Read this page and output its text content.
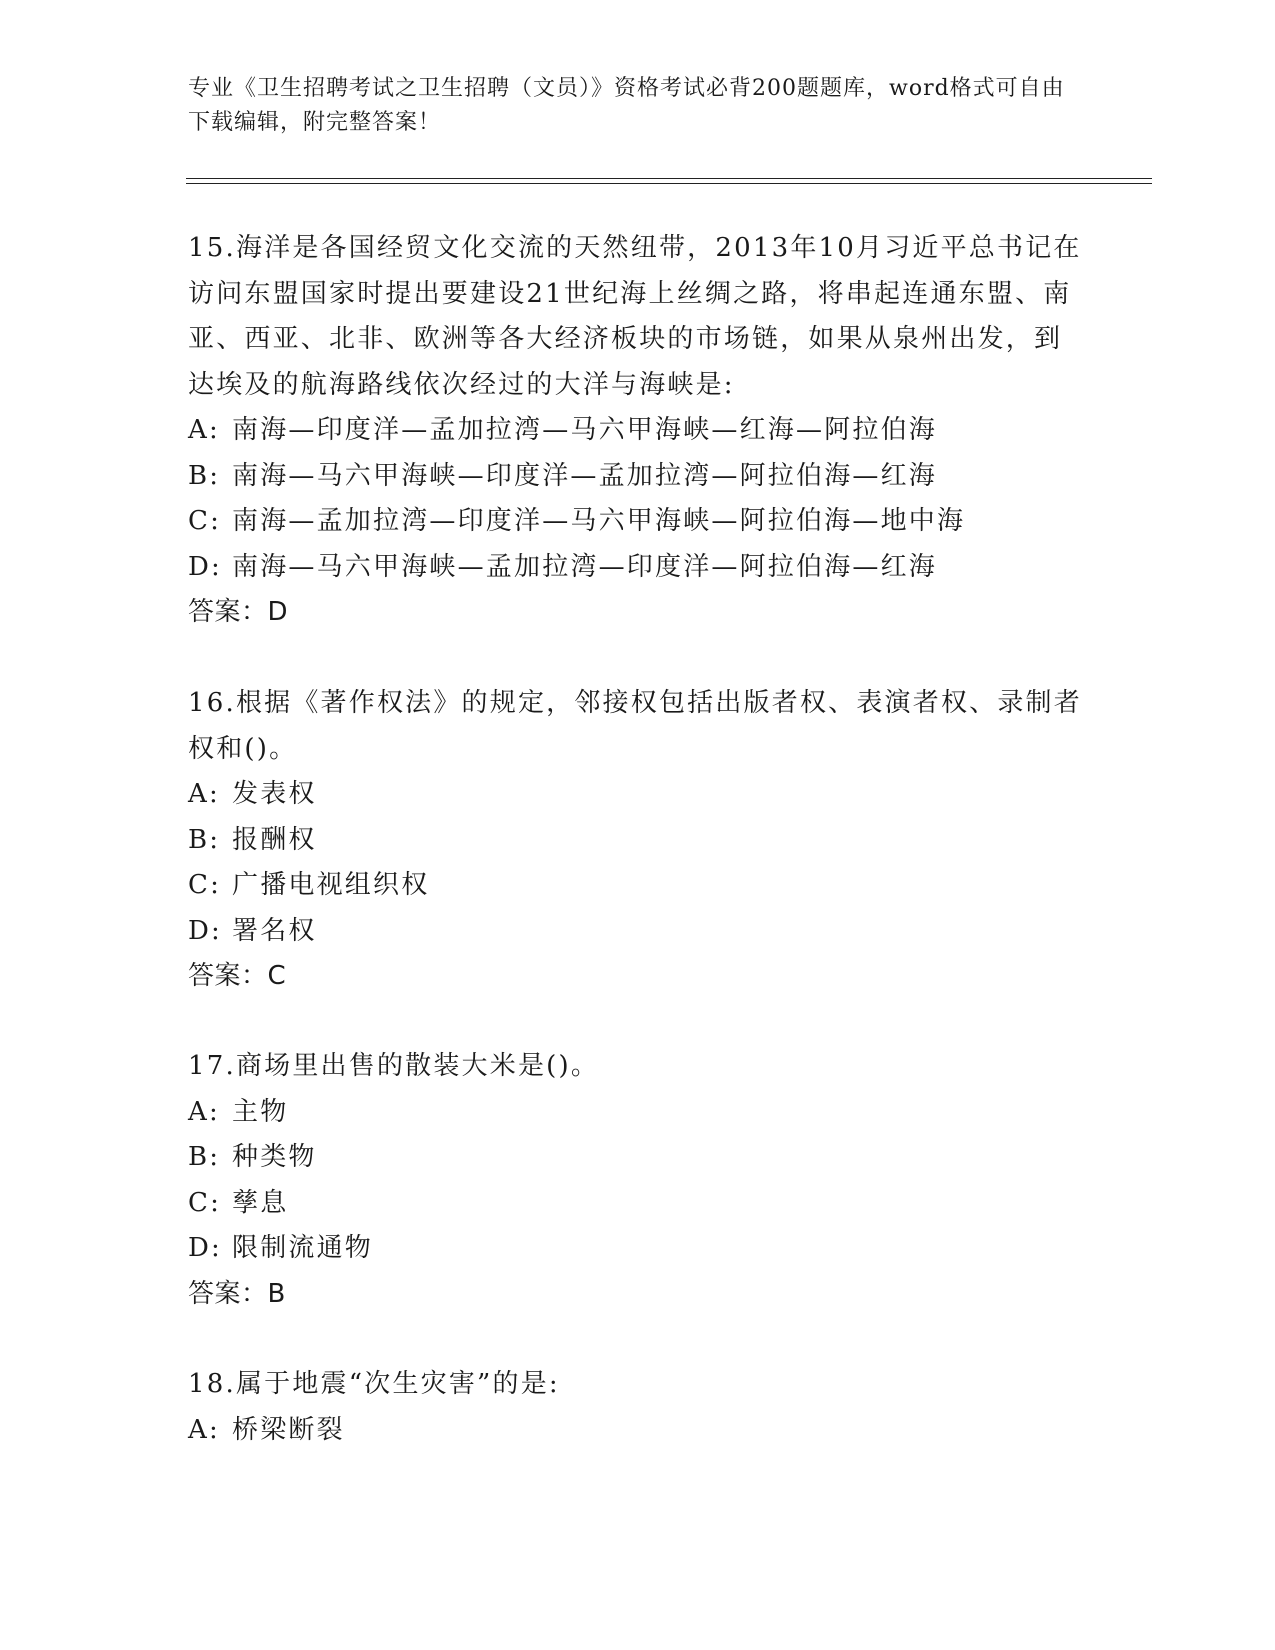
专业《卫生招聘考试之卫生招聘（文员）》资格考试必背200题题库，word格式可自由下载编辑，附完整答案！

15.海洋是各国经贸文化交流的天然纽带，2013年10月习近平总书记在访问东盟国家时提出要建设21世纪海上丝绸之路，将串起连通东盟、南亚、西亚、北非、欧洲等各大经济板块的市场链，如果从泉州出发，到达埃及的航海路线依次经过的大洋与海峡是:

A: 南海—印度洋—孟加拉湾—马六甲海峡—红海—阿拉伯海

B: 南海—马六甲海峡—印度洋—孟加拉湾—阿拉伯海—红海

C: 南海—孟加拉湾—印度洋—马六甲海峡—阿拉伯海—地中海

D: 南海—马六甲海峡—孟加拉湾—印度洋—阿拉伯海—红海

答案：D

16.根据《著作权法》的规定，邻接权包括出版者权、表演者权、录制者权和()。

A: 发表权

B: 报酬权

C: 广播电视组织权

D: 署名权

答案：C

17.商场里出售的散装大米是()。

A: 主物

B: 种类物

C: 孳息

D: 限制流通物

答案：B

18.属于地震“次生灾害”的是:

A: 桥梁断裂
